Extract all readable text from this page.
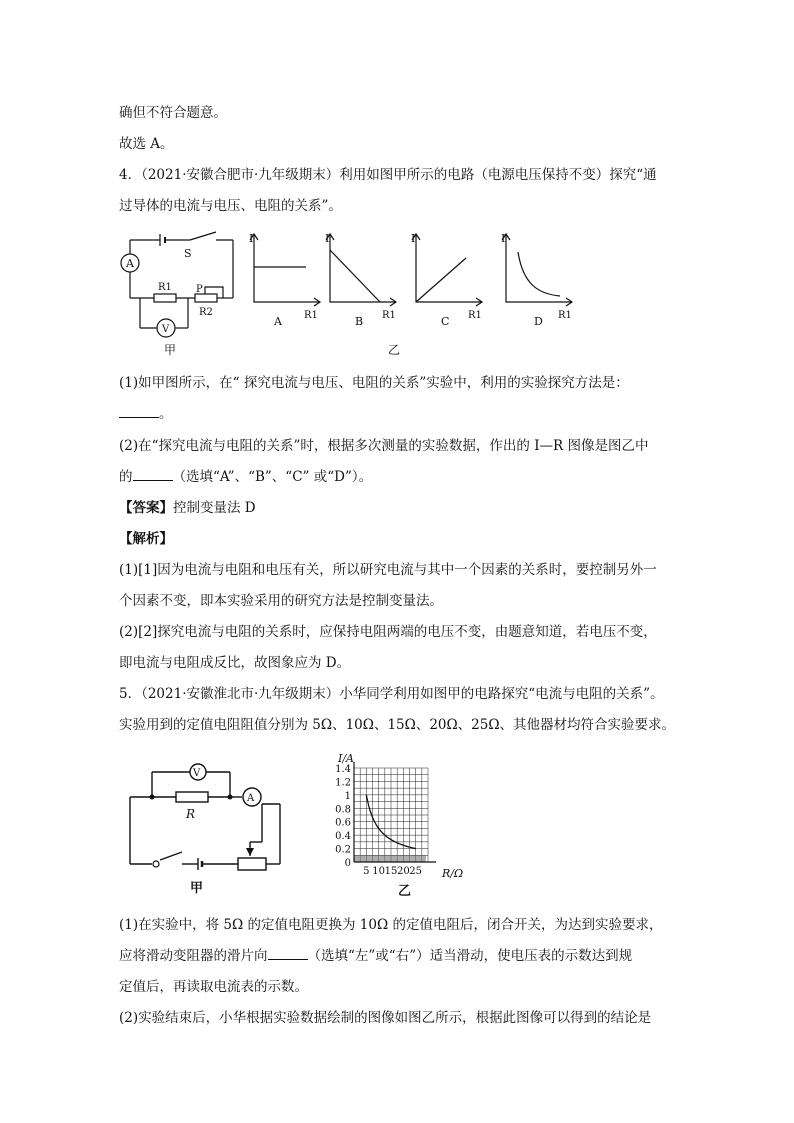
确但不符合题意。
故选 A。
4．（2021·安徽合肥市·九年级期末）利用如图甲所示的电路（电源电压保持不变）探究“通
过导体的电流与电压、电阻的关系”。
S
A
P
R1
R2
V
甲
I	I	I	I
R1	R1	R1	R1
A	B	C	D
乙
(1)如甲图所示，在“ 探究电流与电压、电阻的关系”实验中，利用的实验探究方法是：
。
(2)在“探究电流与电阻的关系”时，根据多次测量的实验数据，作出的 I—R 图像是图乙中
的	（选填“A”、“B”、“C” 或“D”）。
【答案】控制变量法 D
【解析】
(1)[1]因为电流与电阻和电压有关，所以研究电流与其中一个因素的关系时，要控制另外一
个因素不变，即本实验采用的研究方法是控制变量法。
(2)[2]探究电流与电阻的关系时，应保持电阻两端的电压不变，由题意知道，若电压不变，
即电流与电阻成反比，故图象应为 D。
5．（2021·安徽淮北市·九年级期末）小华同学利用如图甲的电路探究“电流与电阻的关系”。
实验用到的定值电阻阻值分别为 5Ω、10Ω、15Ω、20Ω、25Ω、其他器材均符合实验要求。
V
A
R
甲
0
0.2
0.4
0.6
0.8
1
1.2
1.4
5 10 15 20 25
I/A
R/Ω
乙
(1)在实验中，将 5Ω 的定值电阻更换为 10Ω 的定值电阻后，闭合开关，为达到实验要求，
应将滑动变阻器的滑片向	（选填“左”或“右”）适当滑动，使电压表的示数达到规
定值后，再读取电流表的示数。
(2)实验结束后，小华根据实验数据绘制的图像如图乙所示，根据此图像可以得到的结论是
